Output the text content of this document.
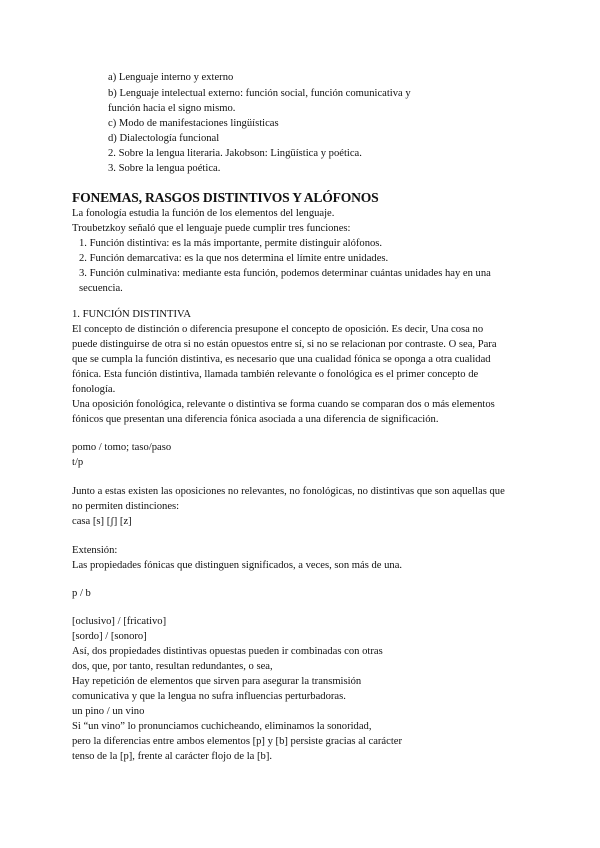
a) Lenguaje interno y externo
b) Lenguaje intelectual externo: función social, función comunicativa y
función hacia el signo mismo.
c) Modo de manifestaciones lingüísticas
d) Dialectología funcional
2. Sobre la lengua literaria. Jakobson: Lingüística y poética.
3. Sobre la lengua poética.
FONEMAS, RASGOS DISTINTIVOS Y ALÓFONOS
La fonología estudia la función de los elementos del lenguaje.
Troubetzkoy señaló que el lenguaje puede cumplir tres funciones:
1. Función distintiva: es la más importante, permite distinguir alófonos.
2. Función demarcativa: es la que nos determina el límite entre unidades.
3. Función culminativa: mediante esta función, podemos determinar cuántas unidades hay en una
secuencia.
1. FUNCIÓN DISTINTIVA
El concepto de distinción o diferencia presupone el concepto de oposición. Es decir, Una cosa no
puede distinguirse de otra si no están opuestos entre sí, si no se relacionan por contraste. O sea, Para
que se cumpla la función distintiva, es necesario que una cualidad fónica se oponga a otra cualidad
fónica. Esta función distintiva, llamada también relevante o fonológica es el primer concepto de
fonología.
Una oposición fonológica, relevante o distintiva se forma cuando se comparan dos o más elementos
fónicos que presentan una diferencia fónica asociada a una diferencia de significación.
pomo / tomo; taso/paso
t/p
Junto a estas existen las oposiciones no relevantes, no fonológicas, no distintivas que son aquellas que
no permiten distinciones:
casa [s] [ʃ] [z]
Extensión:
Las propiedades fónicas que distinguen significados, a veces, son más de una.
p / b
[oclusivo] / [fricativo]
[sordo] / [sonoro]
Así, dos propiedades distintivas opuestas pueden ir combinadas con otras
dos, que, por tanto, resultan redundantes, o sea,
Hay repetición de elementos que sirven para asegurar la transmisión
comunicativa y que la lengua no sufra influencias perturbadoras.
un pino / un vino
Si “un vino” lo pronunciamos cuchicheando, eliminamos la sonoridad,
pero la diferencias entre ambos elementos [p] y [b] persiste gracias al carácter
tenso de la [p], frente al carácter flojo de la [b].
